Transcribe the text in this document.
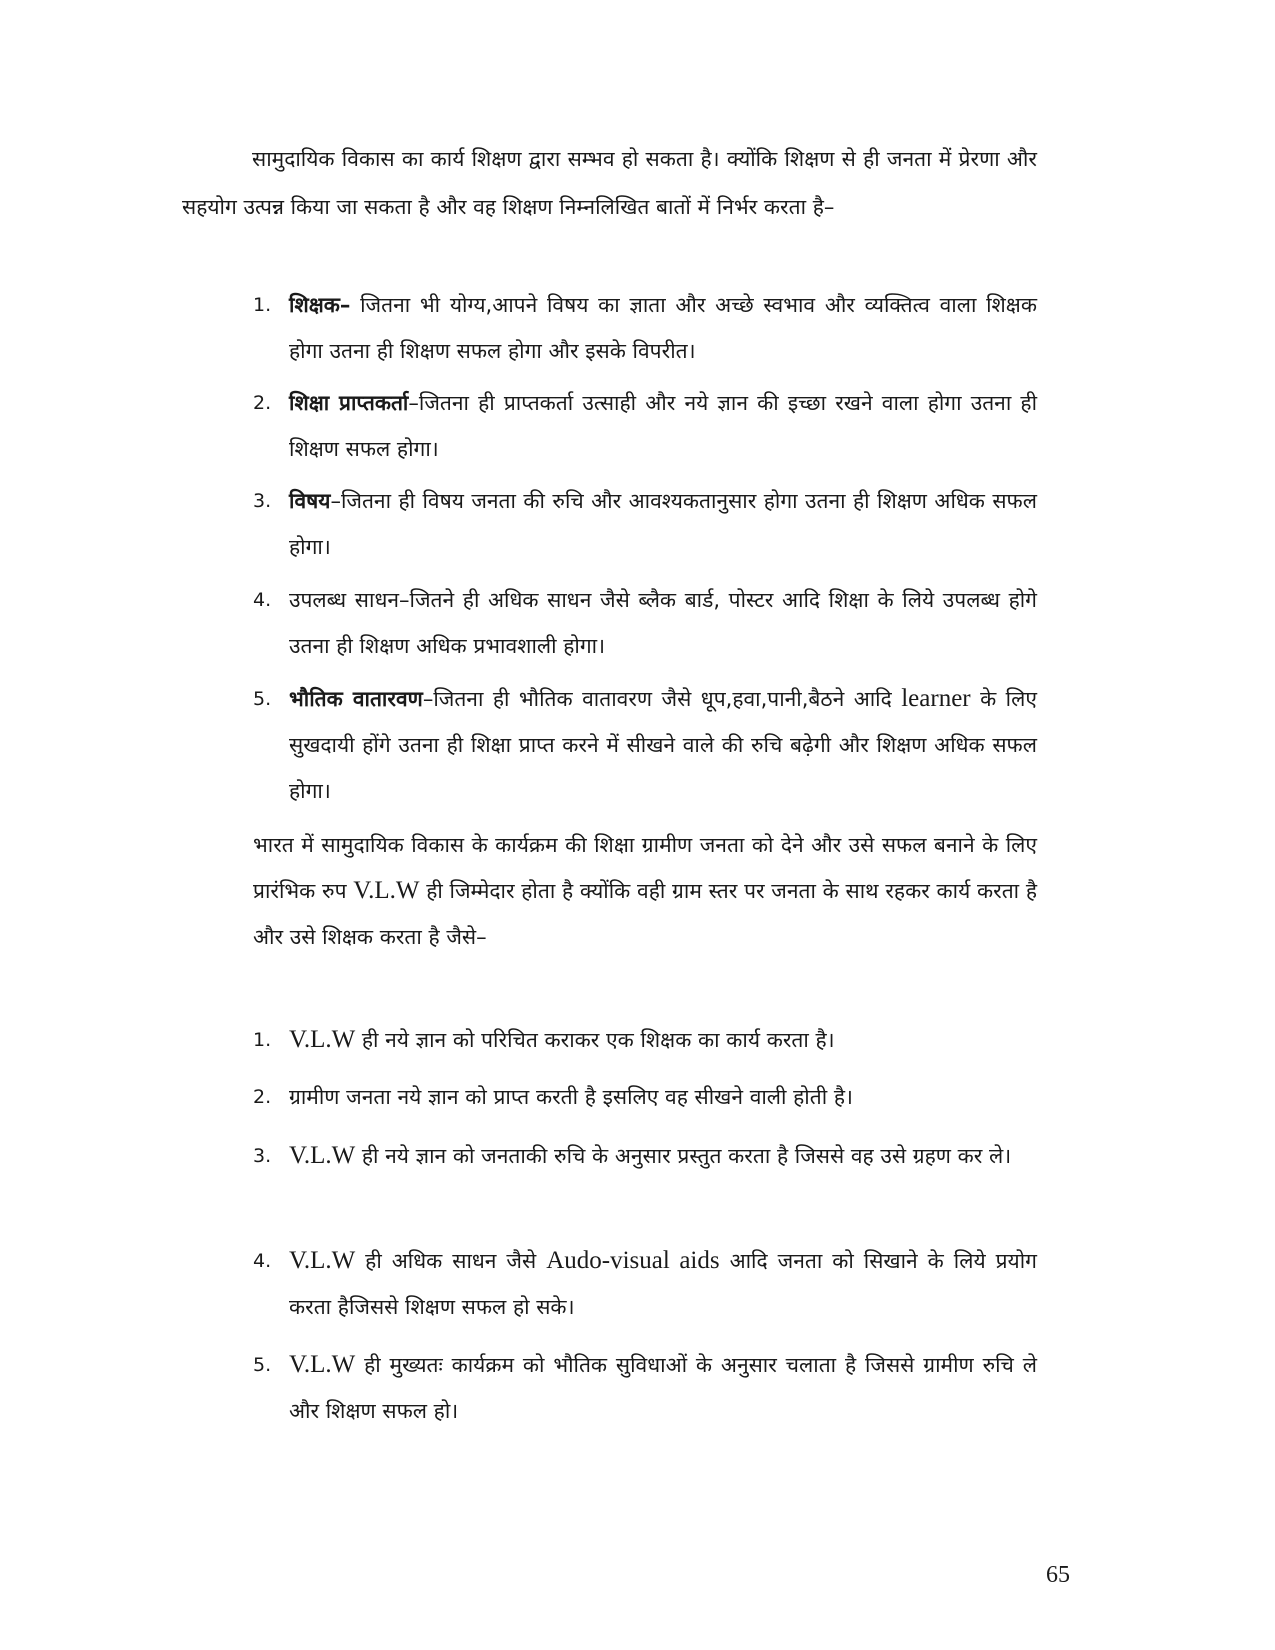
सामुदायिक विकास का कार्य शिक्षण द्वारा सम्भव हो सकता है। क्योंकि शिक्षण से ही जनता में प्रेरणा और सहयोग उत्पन्न किया जा सकता है और वह शिक्षण निम्नलिखित बातों में निर्भर करता है–

1. शिक्षक– जितना भी योग्य,आपने विषय का ज्ञाता और अच्छे स्वभाव और व्यक्तित्व वाला शिक्षक होगा उतना ही शिक्षण सफल होगा और इसके विपरीत।
2. शिक्षा प्राप्तकर्ता–जितना ही प्राप्तकर्ता उत्साही और नये ज्ञान की इच्छा रखने वाला होगा उतना ही शिक्षण सफल होगा।
3. विषय–जितना ही विषय जनता की रुचि और आवश्यकतानुसार होगा उतना ही शिक्षण अधिक सफल होगा।
4. उपलब्ध साधन–जितने ही अधिक साधन जैसे ब्लैक बार्ड, पोस्टर आदि शिक्षा के लिये उपलब्ध होगे उतना ही शिक्षण अधिक प्रभावशाली होगा।
5. भौतिक वातारवण–जितना ही भौतिक वातावरण जैसे धूप,हवा,पानी,बैठने आदि learner के लिए सुखदायी होंगे उतना ही शिक्षा प्राप्त करने में सीखने वाले की रुचि बढ़ेगी और शिक्षण अधिक सफल होगा।

भारत में सामुदायिक विकास के कार्यक्रम की शिक्षा ग्रामीण जनता को देने और उसे सफल बनाने के लिए प्रारंभिक रुप V.L.W ही जिम्मेदार होता है क्योंकि वही ग्राम स्तर पर जनता के साथ रहकर कार्य करता है और उसे शिक्षक करता है जैसे–

1. V.L.W ही नये ज्ञान को परिचित कराकर एक शिक्षक का कार्य करता है।
2. ग्रामीण जनता नये ज्ञान को प्राप्त करती है इसलिए वह सीखने वाली होती है।
3. V.L.W ही नये ज्ञान को जनताकी रुचि के अनुसार प्रस्तुत करता है जिससे वह उसे ग्रहण कर ले।
4. V.L.W ही अधिक साधन जैसे Audo-visual aids आदि जनता को सिखाने के लिये प्रयोग करता हैजिससे शिक्षण सफल हो सके।
5. V.L.W ही मुख्यतः कार्यक्रम को भौतिक सुविधाओं के अनुसार चलाता है जिससे ग्रामीण रुचि ले और शिक्षण सफल हो।
65
